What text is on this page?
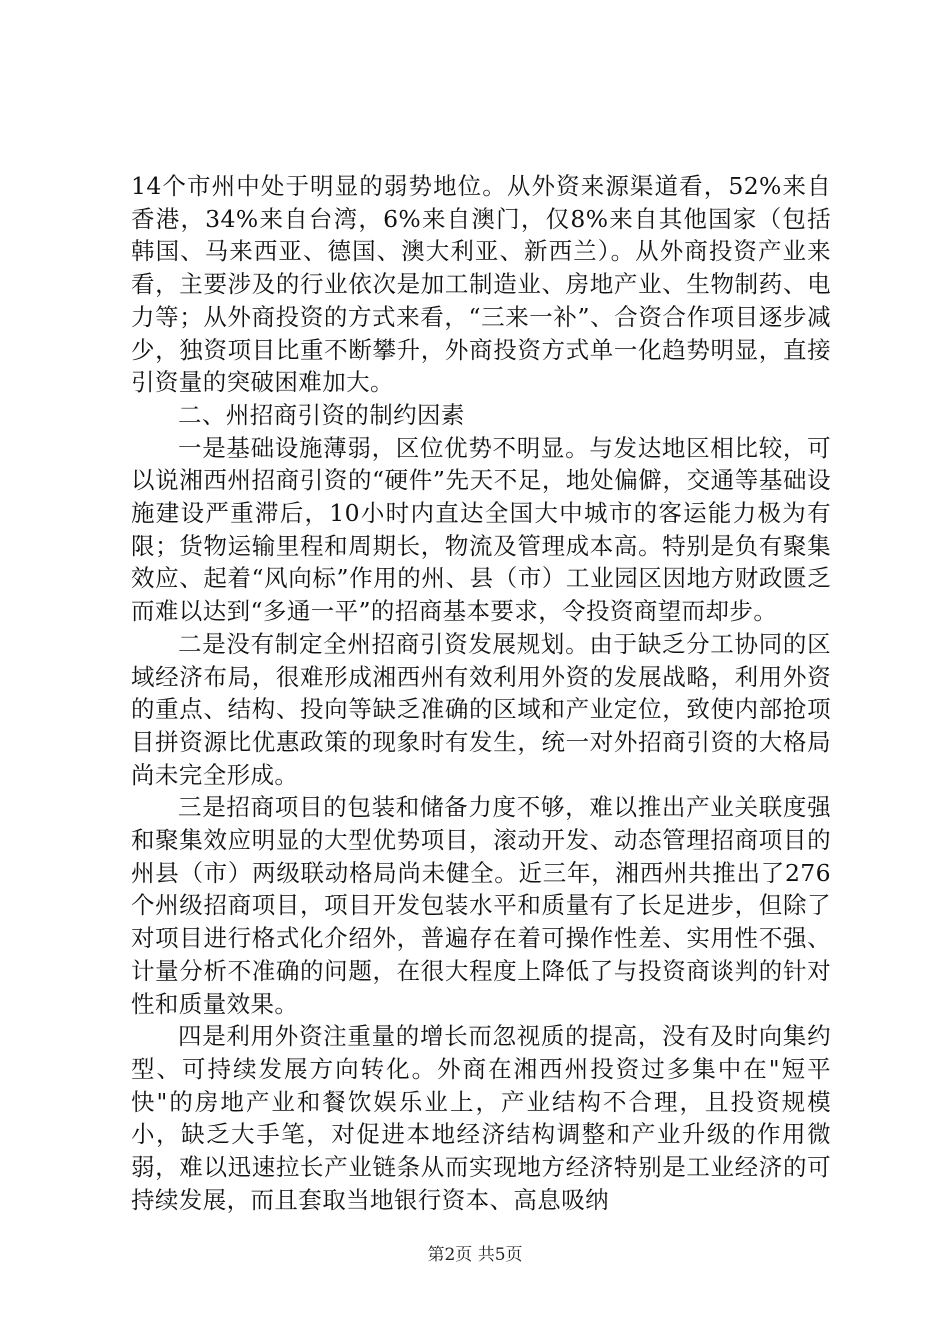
14个市州中处于明显的弱势地位。从外资来源渠道看，52%来自香港，34%来自台湾，6%来自澳门，仅8%来自其他国家（包括韩国、马来西亚、德国、澳大利亚、新西兰）。从外商投资产业来看，主要涉及的行业依次是加工制造业、房地产业、生物制药、电力等；从外商投资的方式来看，“三来一补”、合资合作项目逐步减少，独资项目比重不断攀升，外商投资方式单一化趋势明显，直接引资量的突破困难加大。

二、州招商引资的制约因素

一是基础设施薄弱，区位优势不明显。与发达地区相比较，可以说湘西州招商引资的“硬件”先天不足，地处偏僻，交通等基础设施建设严重滞后，10小时内直达全国大中城市的客运能力极为有限；货物运输里程和周期长，物流及管理成本高。特别是负有聚集效应、起着“风向标”作用的州、县（市）工业园区因地方财政匮乏而难以达到“多通一平”的招商基本要求，令投资商望而却步。

二是没有制定全州招商引资发展规划。由于缺乏分工协同的区域经济布局，很难形成湘西州有效利用外资的发展战略，利用外资的重点、结构、投向等缺乏准确的区域和产业定位，致使内部抢项目拼资源比优惠政策的现象时有发生，统一对外招商引资的大格局尚未完全形成。

三是招商项目的包装和储备力度不够，难以推出产业关联度强和聚集效应明显的大型优势项目，滚动开发、动态管理招商项目的州县（市）两级联动格局尚未健全。近三年，湘西州共推出了276个州级招商项目，项目开发包装水平和质量有了长足进步，但除了对项目进行格式化介绍外，普遍存在着可操作性差、实用性不强、计量分析不准确的问题，在很大程度上降低了与投资商谈判的针对性和质量效果。

四是利用外资注重量的增长而忽视质的提高，没有及时向集约型、可持续发展方向转化。外商在湘西州投资过多集中在"短平快"的房地产业和餐饮娱乐业上，产业结构不合理，且投资规模小，缺乏大手笔，对促进本地经济结构调整和产业升级的作用微弱，难以迅速拉长产业链条从而实现地方经济特别是工业经济的可持续发展，而且套取当地银行资本、高息吸纳

第2页 共5页
